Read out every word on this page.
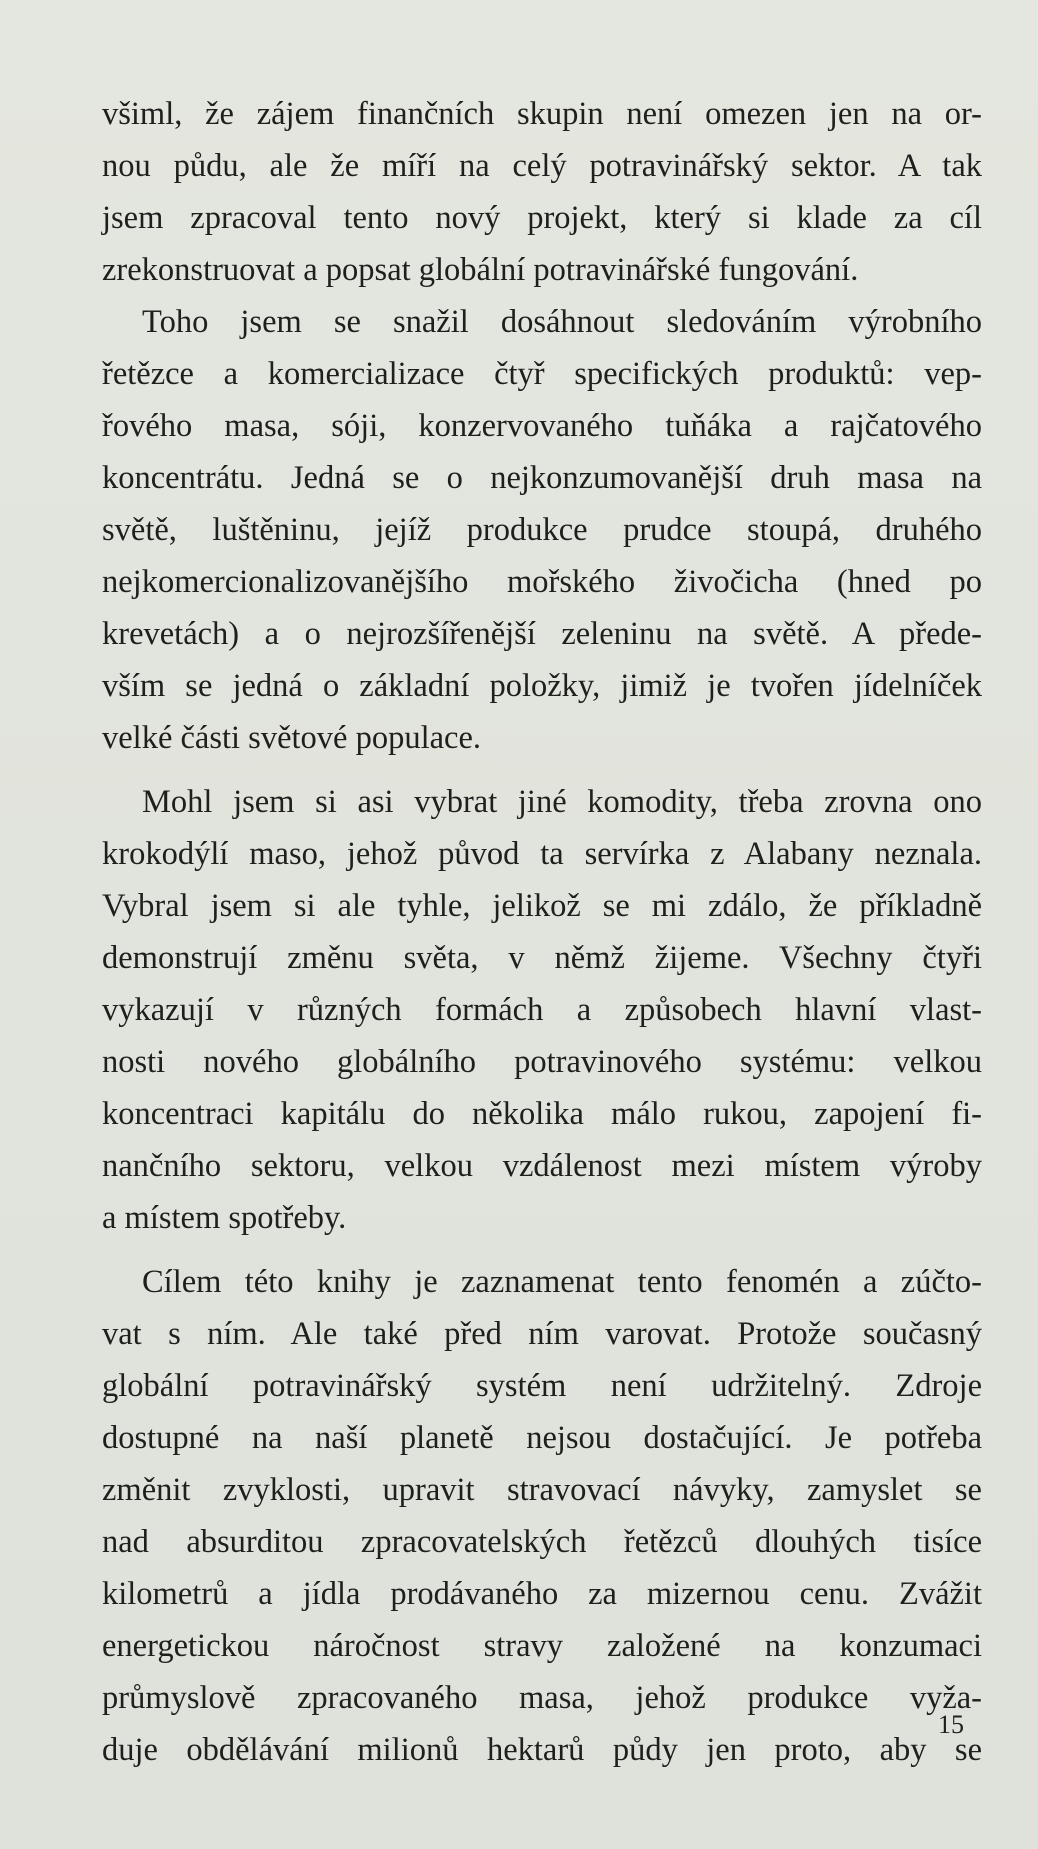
všiml, že zájem finančních skupin není omezen jen na or-
nou půdu, ale že míří na celý potravinářský sektor. A tak
jsem zpracoval tento nový projekt, který si klade za cíl
zrekonstruovat a popsat globální potravinářské fungování.
Toho jsem se snažil dosáhnout sledováním výrobního
řetězce a komercializace čtyř specifických produktů: vep-
řového masa, sóji, konzervovaného tuňáka a rajčatového
koncentrátu. Jedná se o nejkonzumovanější druh masa na
světě, luštěninu, jejíž produkce prudce stoupá, druhého
nejkomercionalizovanějšího mořského živočicha (hned po
krevetách) a o nejrozšířenější zeleninu na světě. A přede-
vším se jedná o základní položky, jimiž je tvořen jídelníček
velké části světové populace.
Mohl jsem si asi vybrat jiné komodity, třeba zrovna ono
krokodýlí maso, jehož původ ta servírka z Alabany neznala.
Vybral jsem si ale tyhle, jelikož se mi zdálo, že příkladně
demonstrují změnu světa, v němž žijeme. Všechny čtyři
vykazují v různých formách a způsobech hlavní vlast-
nosti nového globálního potravinového systému: velkou
koncentraci kapitálu do několika málo rukou, zapojení fi-
nančního sektoru, velkou vzdálenost mezi místem výroby
a místem spotřeby.
Cílem této knihy je zaznamenat tento fenomén a zúčto-
vat s ním. Ale také před ním varovat. Protože současný
globální potravinářský systém není udržitelný. Zdroje
dostupné na naší planetě nejsou dostačující. Je potřeba
změnit zvyklosti, upravit stravovací návyky, zamyslet se
nad absurditou zpracovatelských řetězců dlouhých tisíce
kilometrů a jídla prodávaného za mizernou cenu. Zvážit
energetickou náročnost stravy založené na konzumaci
průmyslově zpracovaného masa, jehož produkce vyža-
duje obdělávání milionů hektarů půdy jen proto, aby se
15
